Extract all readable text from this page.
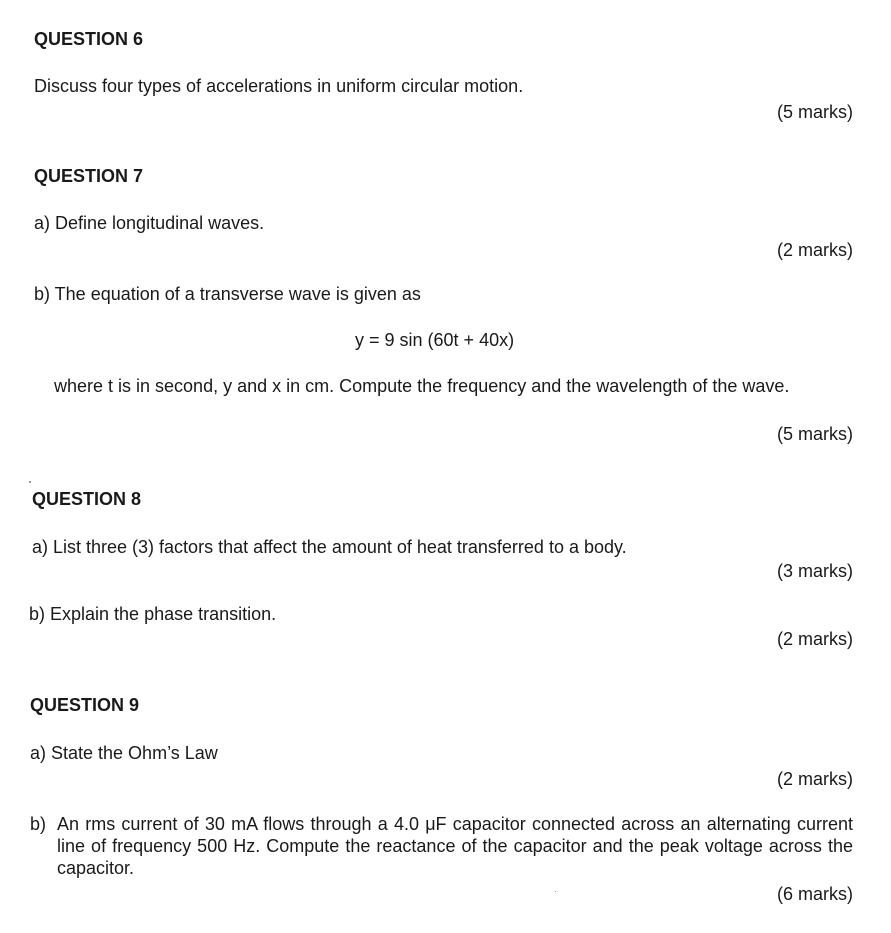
QUESTION 6
Discuss four types of accelerations in uniform circular motion.
(5 marks)
QUESTION 7
a) Define longitudinal waves.
(2 marks)
b) The equation of a transverse wave is given as
y = 9 sin (60t + 40x)
where t is in second, y and x in cm. Compute the frequency and the wavelength of the wave.
(5 marks)
QUESTION 8
a) List three (3) factors that affect the amount of heat transferred to a body.
(3 marks)
b) Explain the phase transition.
(2 marks)
QUESTION 9
a) State the Ohm’s Law
(2 marks)
b) An rms current of 30 mA flows through a 4.0 μF capacitor connected across an alternating current line of frequency 500 Hz. Compute the reactance of the capacitor and the peak voltage across the capacitor.
(6 marks)
